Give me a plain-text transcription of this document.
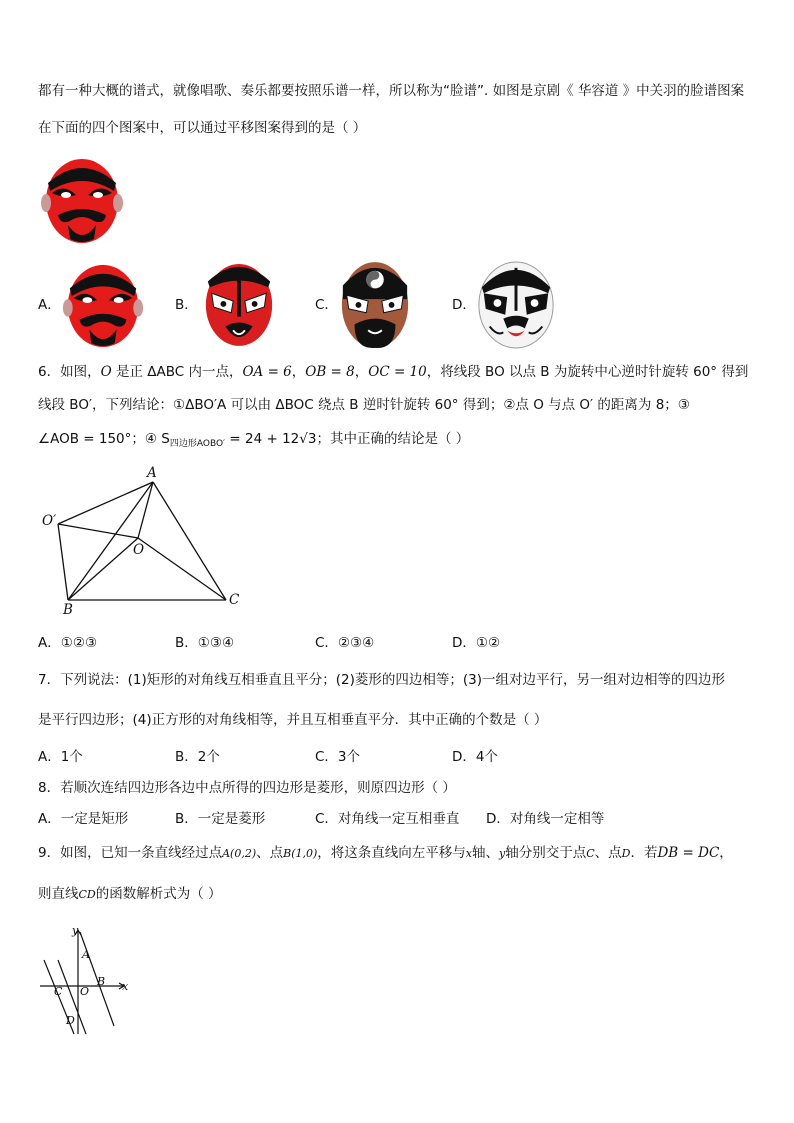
都有一种大概的谱式，就像唱歌、奏乐都要按照乐谱一样，所以称为“脸谱”. 如图是京剧《 华容道 》中关羽的脸谱图案
在下面的四个图案中，可以通过平移图案得到的是（ ）
A．	B．	C．	D．
6．如图，O 是正 ΔABC 内一点，OA = 6，OB = 8，OC = 10，将线段 BO 以点 B 为旋转中心逆时针旋转 60° 得到
线段 BO′，下列结论：①ΔBO′A 可以由 ΔBOC 绕点 B 逆时针旋转 60° 得到；②点 O 与点 O′ 的距离为 8；③
∠AOB = 150°；④ $S_{四边形AOBO'} = 24 + 12√3$；其中正确的结论是（ ）
A
O′
O
B
C
A．①②③	B．①③④	C．②③④	D．①②
7．下列说法：(1)矩形的对角线互相垂直且平分；(2)菱形的四边相等；(3)一组对边平行，另一组对边相等的四边形
是平行四边形；(4)正方形的对角线相等，并且互相垂直平分．其中正确的个数是（ ）
A．1个	B．2个	C．3个	D．4个
8．若顺次连结四边形各边中点所得的四边形是菱形，则原四边形（ ）
A．一定是矩形	B．一定是菱形	C．对角线一定互相垂直 D．对角线一定相等
9．如图，已知一条直线经过点A(0,2)、点B(1,0)，将这条直线向左平移与x轴、y轴分别交于点C、点D．若DB = DC，
则直线CD的函数解析式为（ ）
y
x
A
B
C O
D
